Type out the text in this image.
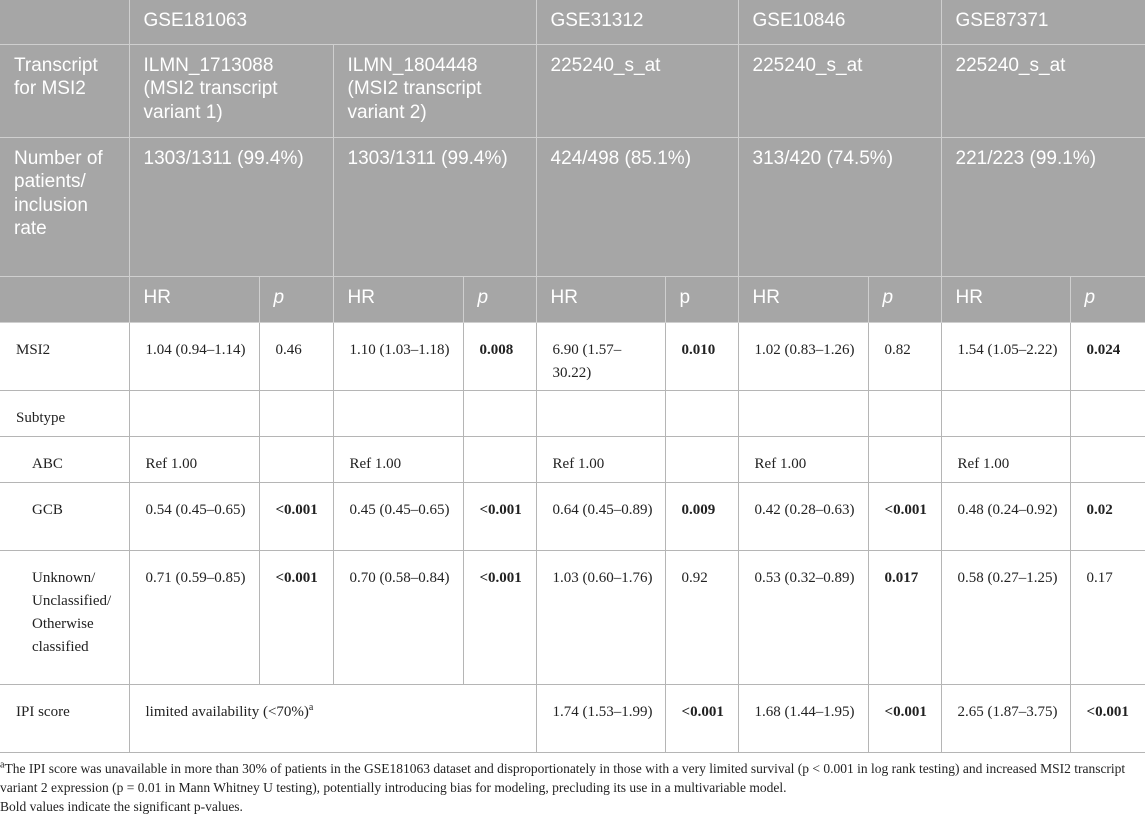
	GSE181063				GSE31312		GSE10846		GSE87371	
Transcript for MSI2	ILMN_1713088 (MSI2 transcript variant 1)		ILMN_1804448 (MSI2 transcript variant 2)		225240_s_at		225240_s_at		225240_s_at	
Number of patients/ inclusion rate	1303/1311 (99.4%)		1303/1311 (99.4%)		424/498 (85.1%)		313/420 (74.5%)		221/223 (99.1%)	
	HR	p	HR	p	HR	p	HR	p	HR	p
MSI2	1.04 (0.94–1.14)	0.46	1.10 (1.03–1.18)	0.008	6.90 (1.57–30.22)	0.010	1.02 (0.83–1.26)	0.82	1.54 (1.05–2.22)	0.024
Subtype										
ABC	Ref 1.00		Ref 1.00		Ref 1.00		Ref 1.00		Ref 1.00	
GCB	0.54 (0.45–0.65)	<0.001	0.45 (0.45–0.65)	<0.001	0.64 (0.45–0.89)	0.009	0.42 (0.28–0.63)	<0.001	0.48 (0.24–0.92)	0.02
Unknown/ Unclassified/ Otherwise classified	0.71 (0.59–0.85)	<0.001	0.70 (0.58–0.84)	<0.001	1.03 (0.60–1.76)	0.92	0.53 (0.32–0.89)	0.017	0.58 (0.27–1.25)	0.17
IPI score	limited availability (<70%)$^a$				1.74 (1.53–1.99)	<0.001	1.68 (1.44–1.95)	<0.001	2.65 (1.87–3.75)	<0.001

$^a$The IPI score was unavailable in more than 30% of patients in the GSE181063 dataset and disproportionately in those with a very limited survival (p < 0.001 in log rank testing) and increased MSI2 transcript variant 2 expression (p = 0.01 in Mann Whitney U testing), potentially introducing bias for modeling, precluding its use in a multivariable model.

Bold values indicate the significant p-values.
